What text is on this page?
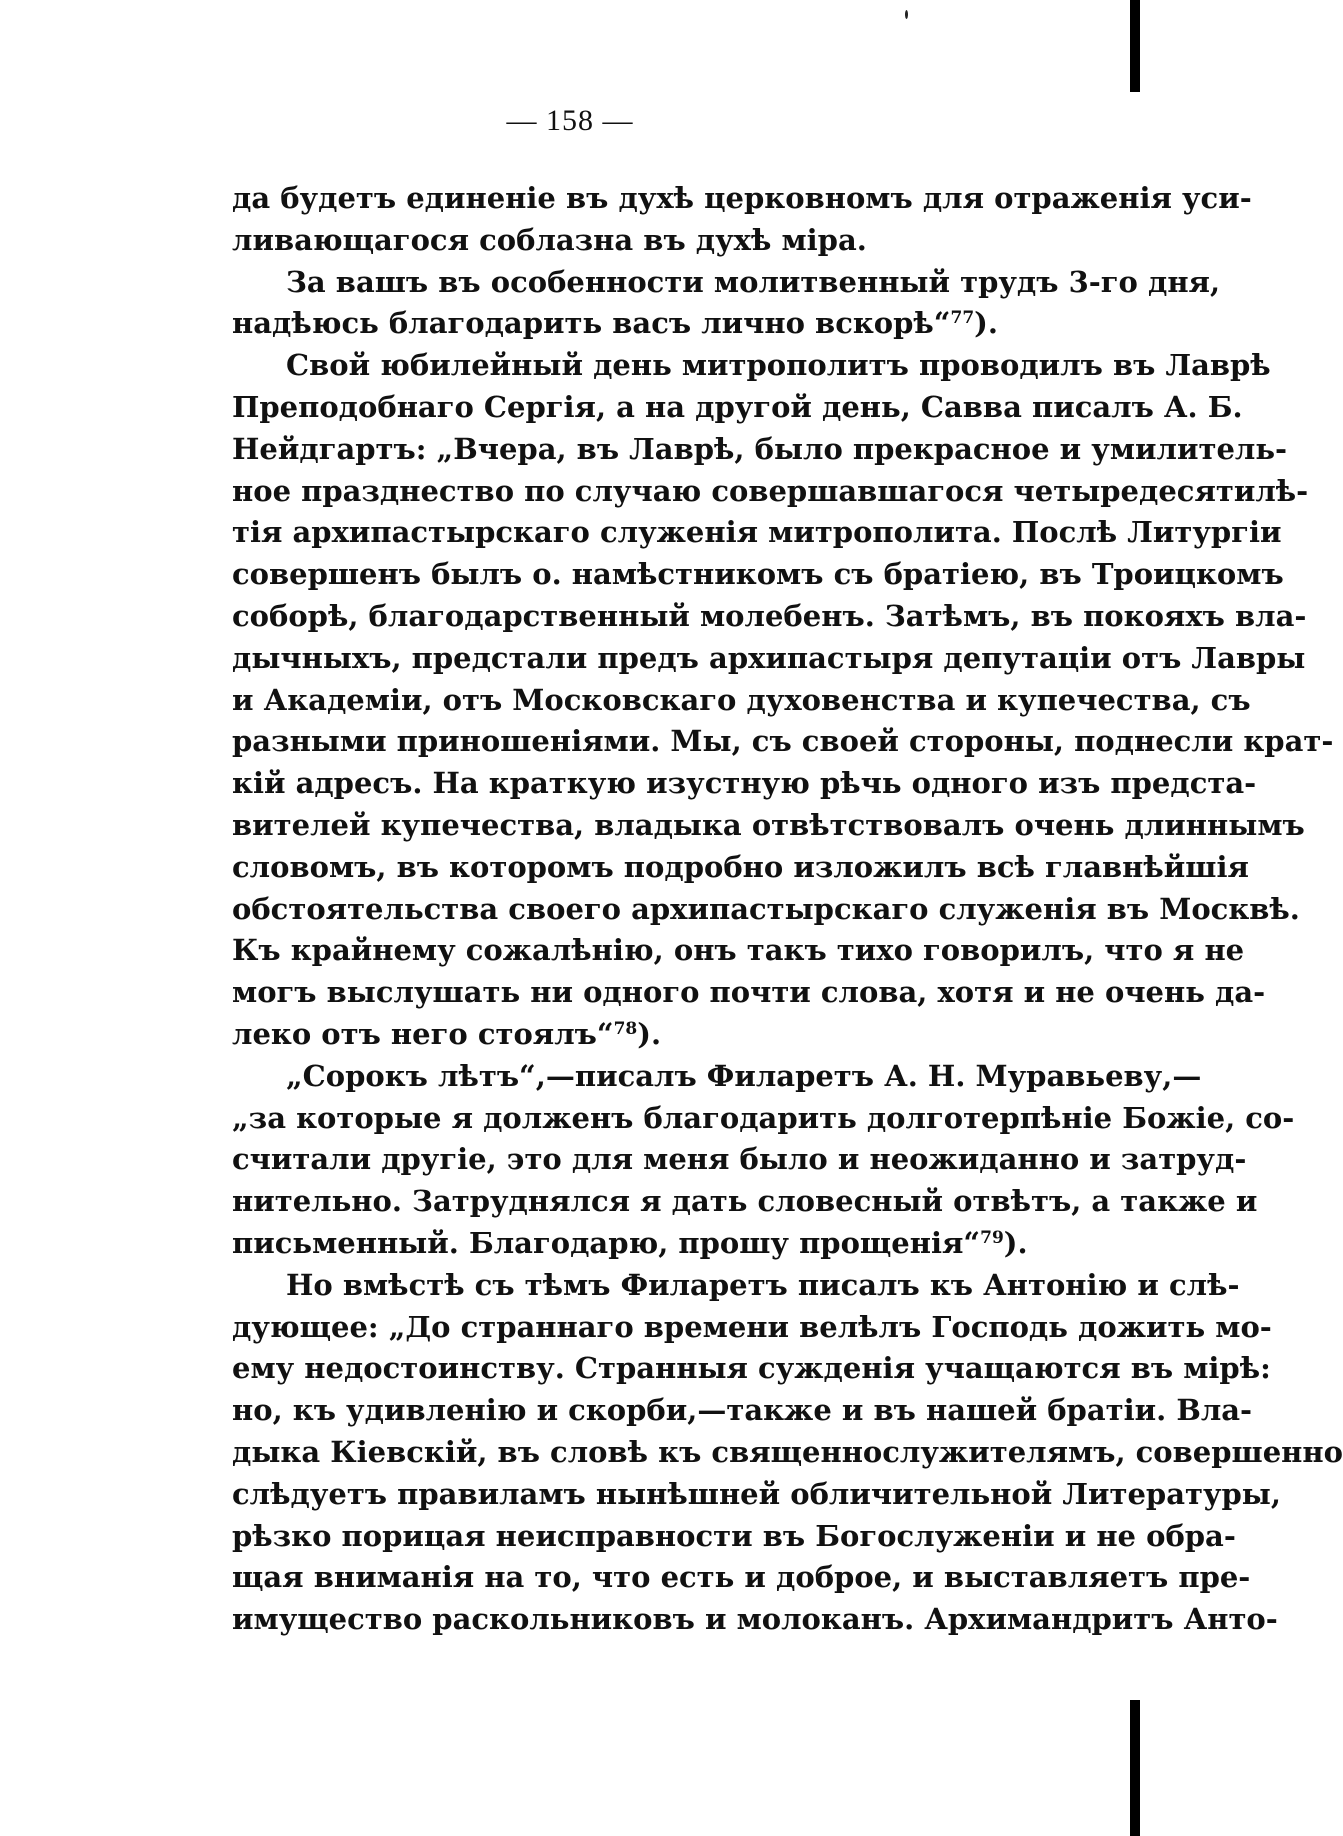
— 158 —
да будетъ единеніе въ духѣ церковномъ для отраженія уси-
ливающагося соблазна въ духѣ міра.
За вашъ въ особенности молитвенный трудъ 3-го дня,
надѣюсь благодарить васъ лично вскорѣ“$^{77}$).
Свой юбилейный день митрополитъ проводилъ въ Лаврѣ
Преподобнаго Сергія, а на другой день, Савва писалъ А. Б.
Нейдгартъ: „Вчера, въ Лаврѣ, было прекрасное и умилитель-
ное празднество по случаю совершавшагося четыредесятилѣ-
тія архипастырскаго служенія митрополита. Послѣ Литургіи
совершенъ былъ о. намѣстникомъ съ братіею, въ Троицкомъ
соборѣ, благодарственный молебенъ. Затѣмъ, въ покояхъ вла-
дычныхъ, предстали предъ архипастыря депутаціи отъ Лавры
и Академіи, отъ Московскаго духовенства и купечества, съ
разными приношеніями. Мы, съ своей стороны, поднесли крат-
кій адресъ. На краткую изустную рѣчь одного изъ предста-
вителей купечества, владыка отвѣтствовалъ очень длиннымъ
словомъ, въ которомъ подробно изложилъ всѣ главнѣйшія
обстоятельства своего архипастырскаго служенія въ Москвѣ.
Къ крайнему сожалѣнію, онъ такъ тихо говорилъ, что я не
могъ выслушать ни одного почти слова, хотя и не очень да-
леко отъ него стоялъ“$^{78}$).
„Сорокъ лѣтъ“,—писалъ Филаретъ А. Н. Муравьеву,—
„за которые я долженъ благодарить долготерпѣніе Божіе, со-
считали другіе, это для меня было и неожиданно и затруд-
нительно. Затруднялся я дать словесный отвѣтъ, а также и
письменный. Благодарю, прошу прощенія“$^{79}$).
Но вмѣстѣ съ тѣмъ Филаретъ писалъ къ Антонію и слѣ-
дующее: „До страннаго времени велѣлъ Господь дожить мо-
ему недостоинству. Странныя сужденія учащаются въ мірѣ:
но, къ удивленію и скорби,—также и въ нашей братіи. Вла-
дыка Кіевскій, въ словѣ къ священнослужителямъ, совершенно
слѣдуетъ правиламъ нынѣшней обличительной Литературы,
рѣзко порицая неисправности въ Богослуженіи и не обра-
щая вниманія на то, что есть и доброе, и выставляетъ пре-
имущество раскольниковъ и молоканъ. Архимандритъ Анто-
